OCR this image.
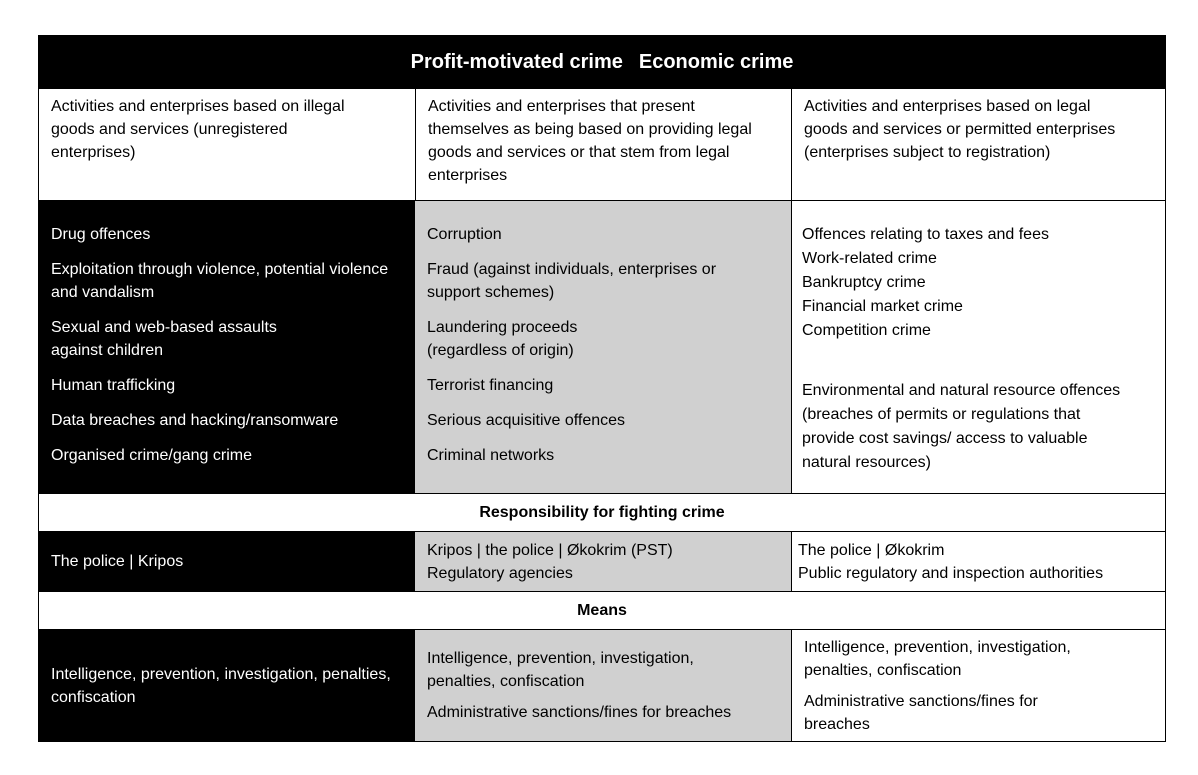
Profit-motivated crime Economic crime
Activities and enterprises based on illegal goods and services (unregistered enterprises)
Activities and enterprises that present themselves as being based on providing legal goods and services or that stem from legal enterprises
Activities and enterprises based on legal goods and services or permitted enterprises (enterprises subject to registration)

Drug offences

Exploitation through violence, potential violence and vandalism

Sexual and web-based assaults against children

Human trafficking

Data breaches and hacking/ransomware

Organised crime/gang crime

Corruption

Fraud (against individuals, enterprises or support schemes)

Laundering proceeds (regardless of origin)

Terrorist financing

Serious acquisitive offences

Criminal networks

Offences relating to taxes and fees
Work-related crime
Bankruptcy crime
Financial market crime
Competition crime
Environmental and natural resource offences (breaches of permits or regulations that provide cost savings/ access to valuable natural resources)
Responsibility for fighting crime
The police | Kripos
Kripos | the police | Økokrim (PST)
Regulatory agencies
The police | Økokrim
Public regulatory and inspection authorities
Means
Intelligence, prevention, investigation, penalties, confiscation
Intelligence, prevention, investigation, penalties, confiscation
Administrative sanctions/fines for breaches
Intelligence, prevention, investigation, penalties, confiscation
Administrative sanctions/fines for breaches
